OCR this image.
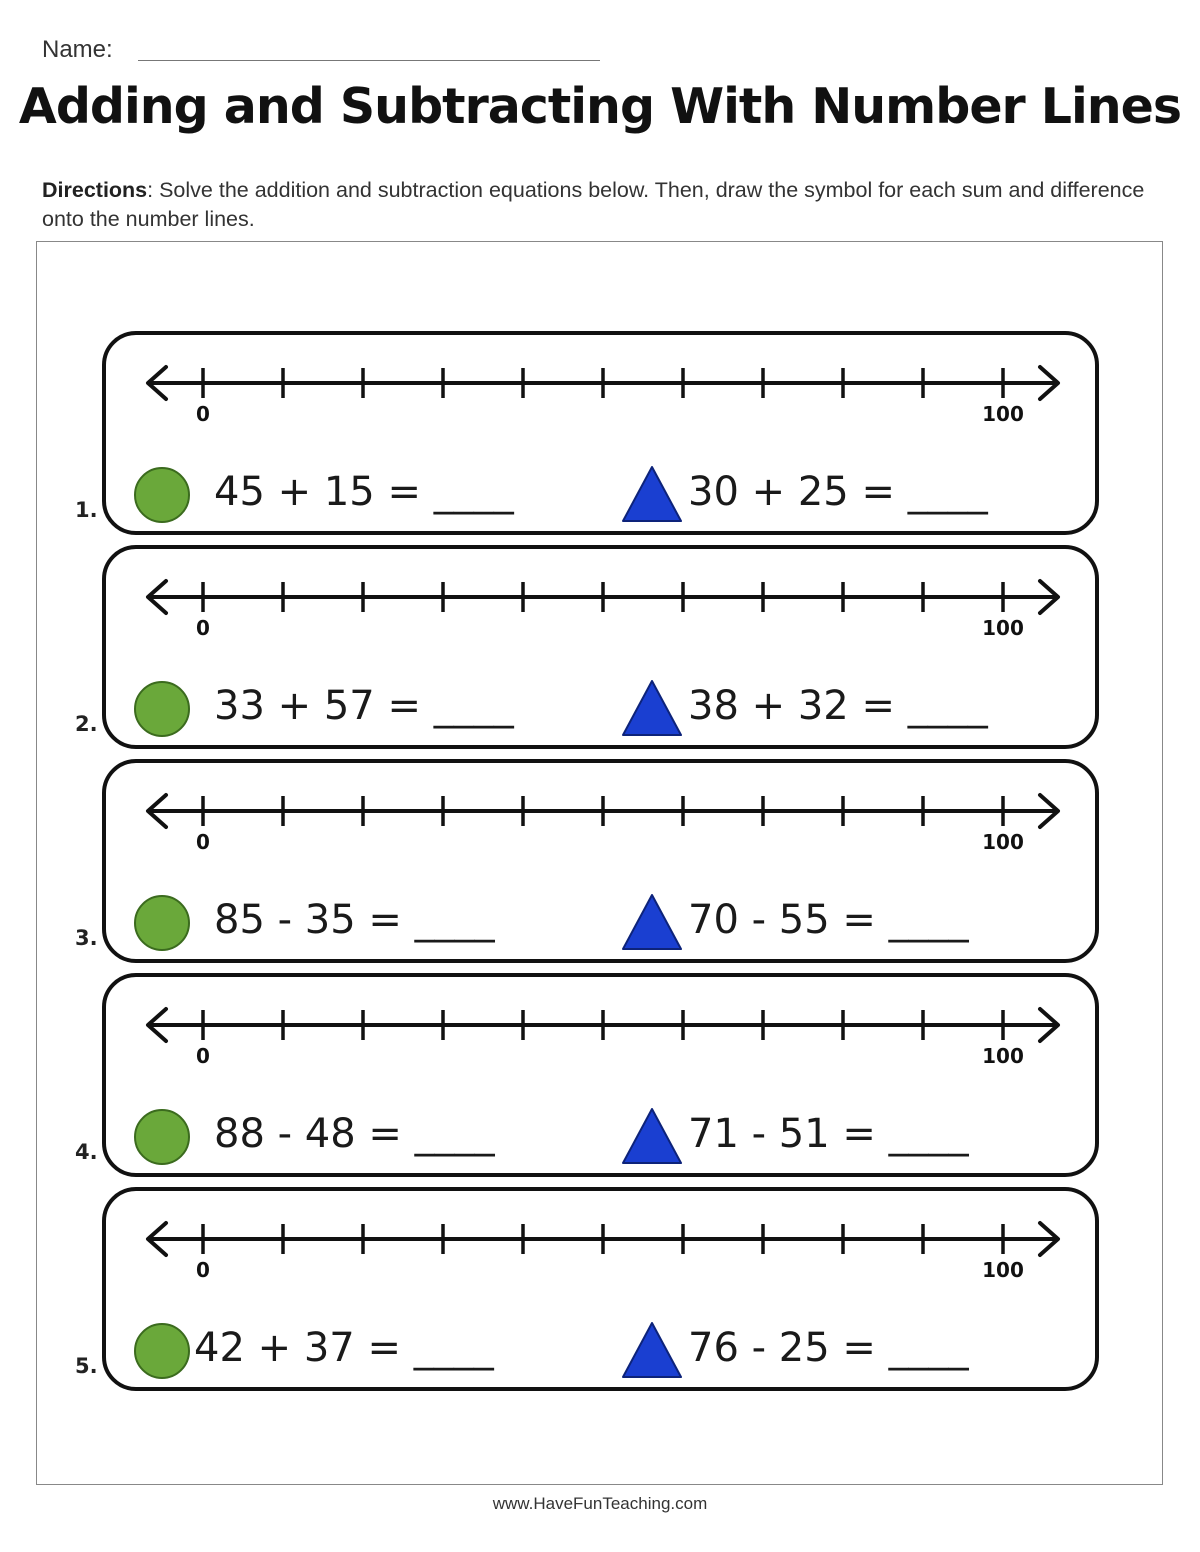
Name:
Adding and Subtracting With Number Lines
Directions: Solve the addition and subtraction equations below. Then, draw the symbol for each sum and difference onto the number lines.
1.
0	100
45 + 15 = ____	30 + 25 = ____
2.
0	100
33 + 57 = ____	38 + 32 = ____
3.
0	100
85 - 35 = ____	70 - 55 = ____
4.
0	100
88 - 48 = ____	71 - 51 = ____
5.
0	100
42 + 37 = ____	76 - 25 = ____
www.HaveFunTeaching.com
